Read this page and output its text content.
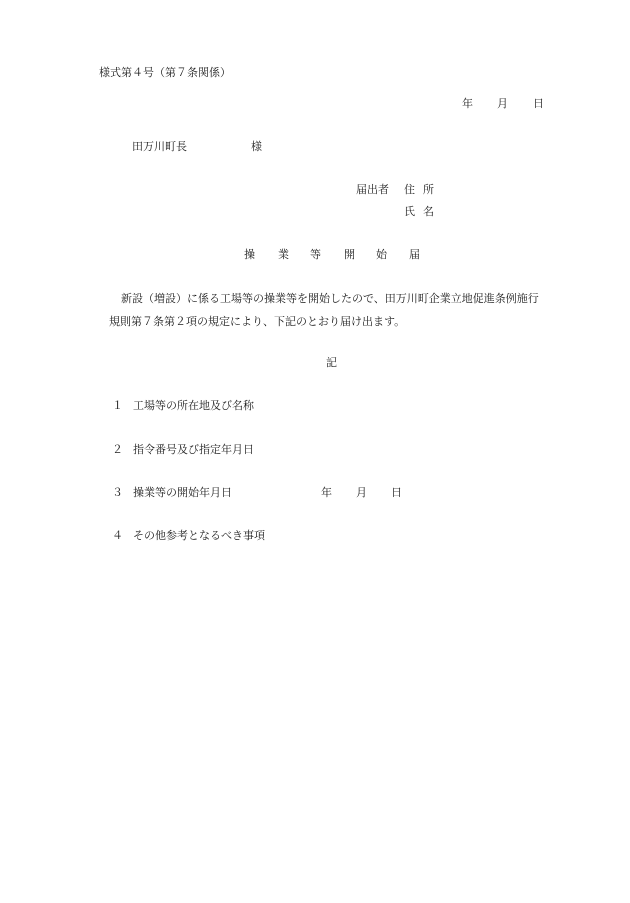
様式第４号（第７条関係）
年 月 日
田万川町長	様
届出者 住所
氏名
操 業 等 開 始 届
新設（増設）に係る工場等の操業等を開始したので、田万川町企業立地促進条例施行
規則第７条第２項の規定により、下記のとおり届け出ます。
記
１ 工場等の所在地及び名称
２ 指令番号及び指定年月日
３ 操業等の開始年月日	年 月 日
４ その他参考となるべき事項
